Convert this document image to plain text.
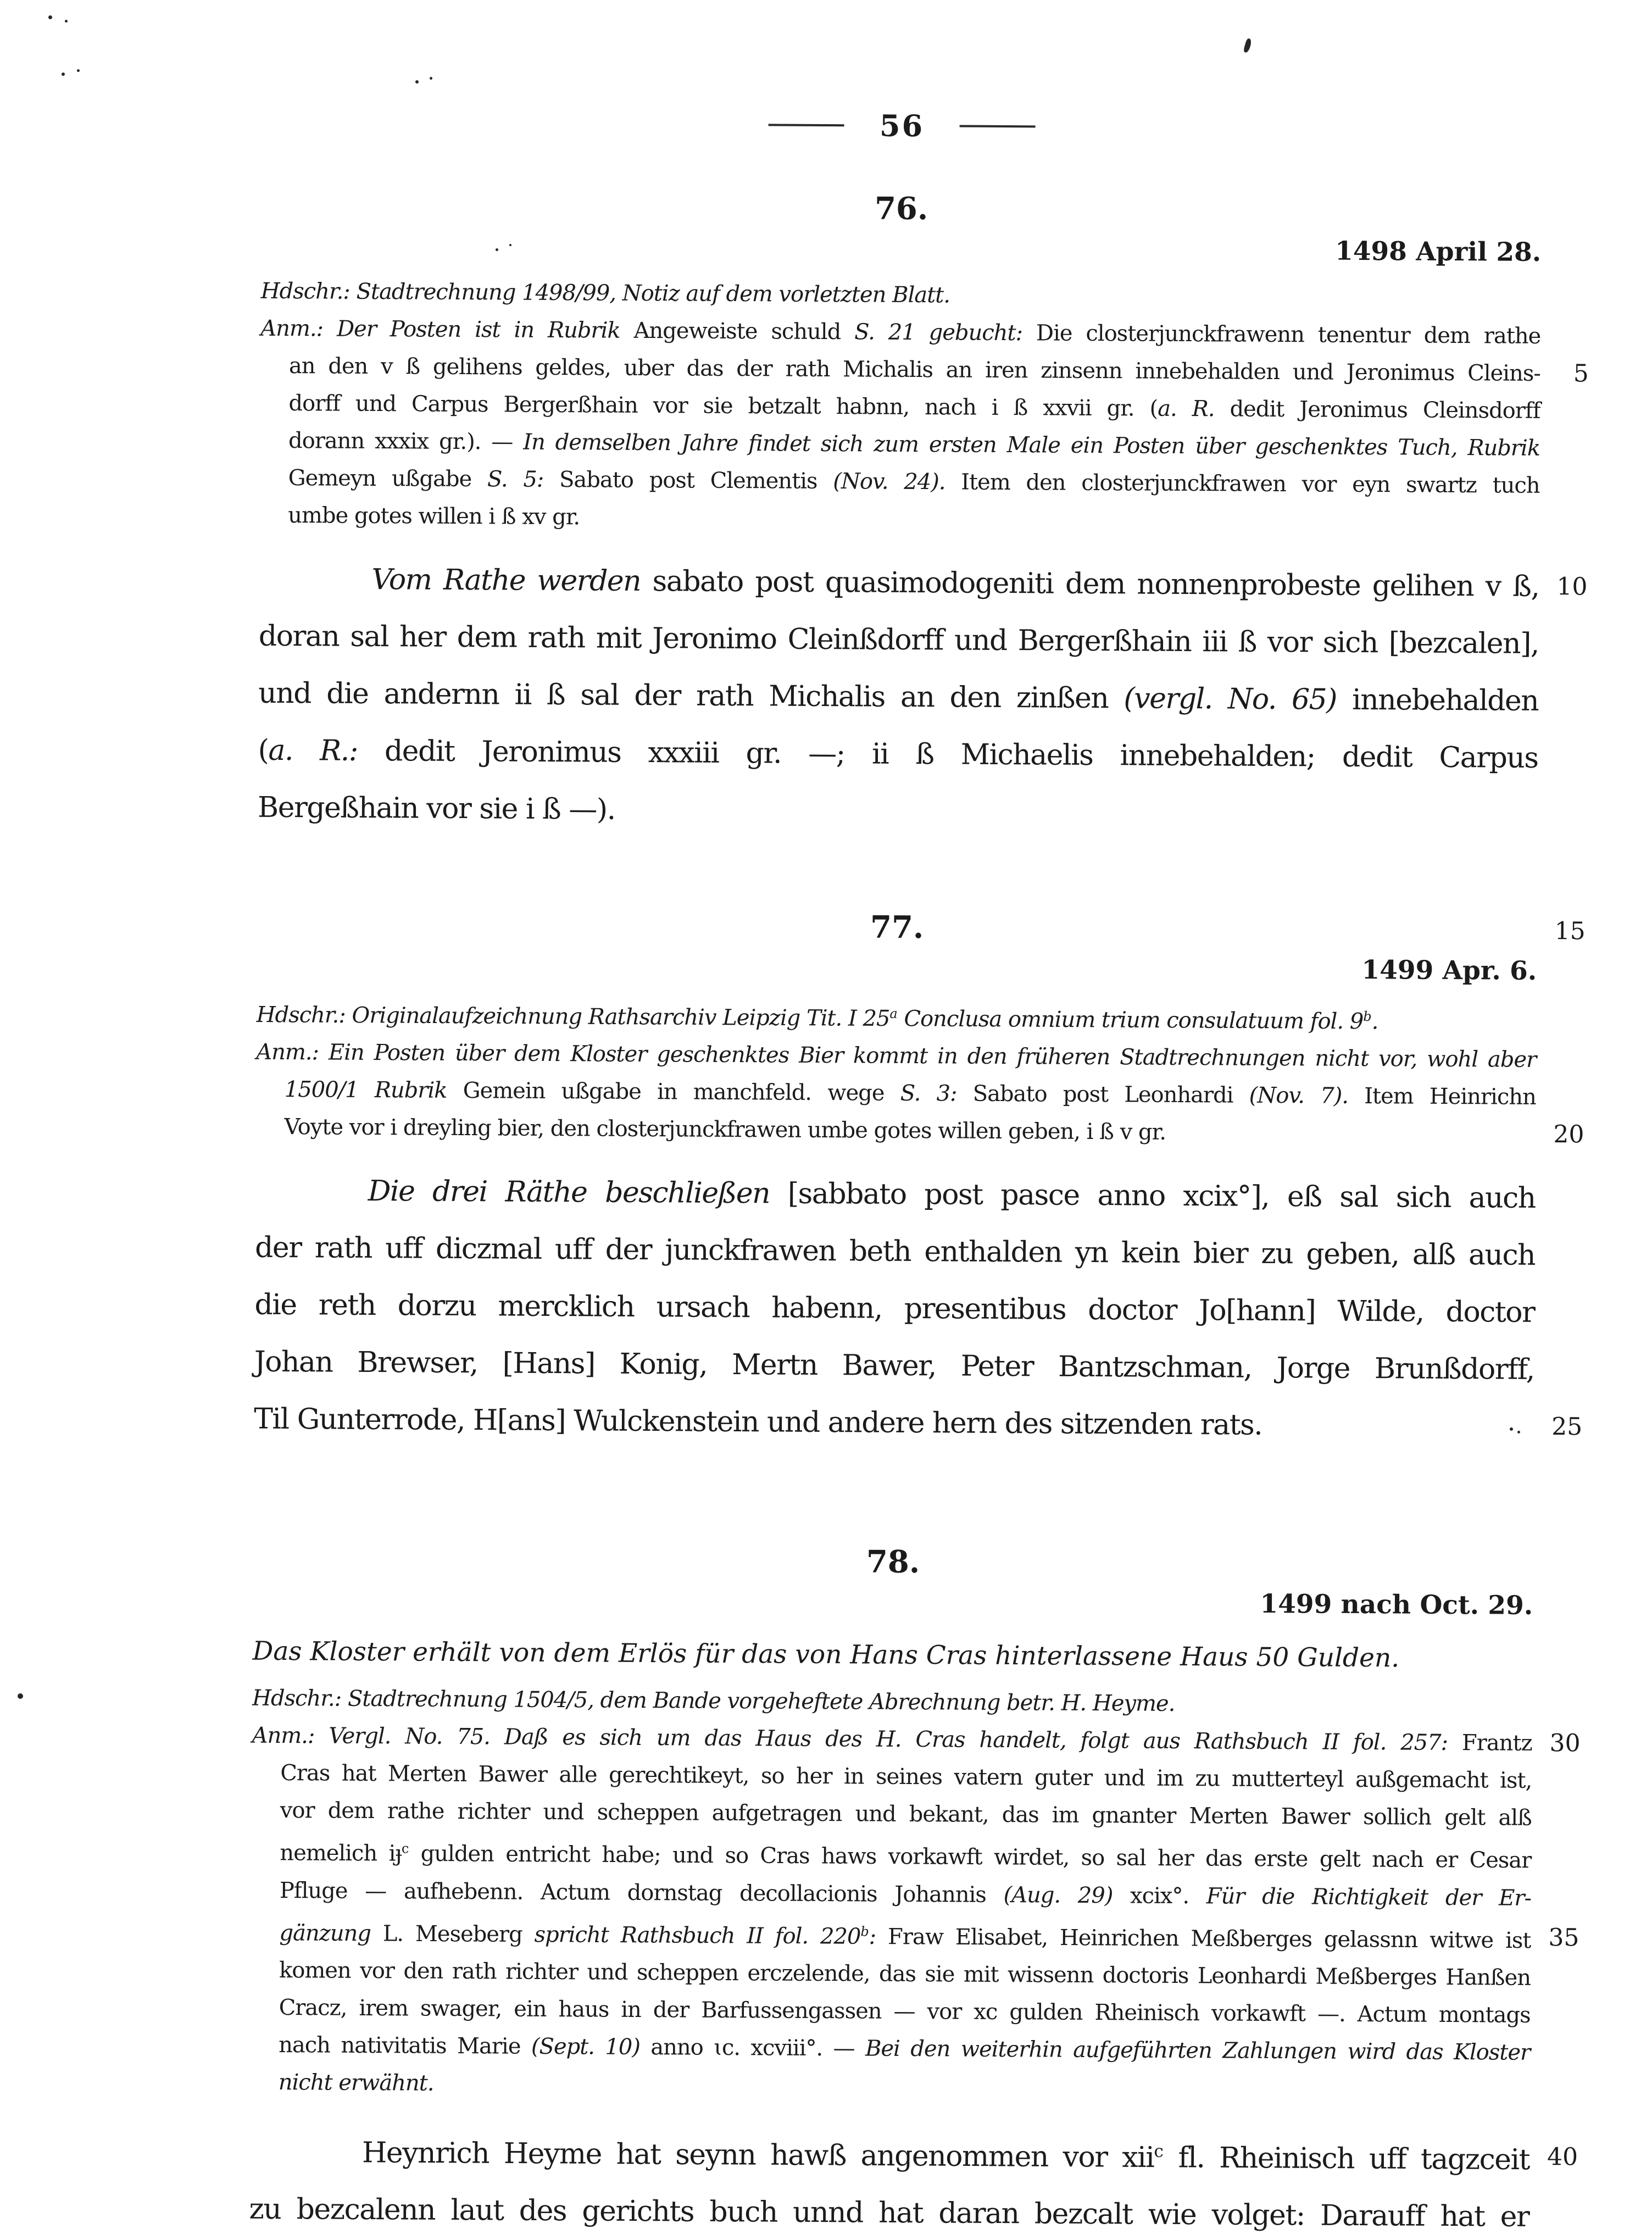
56
76.
1498 April 28.
Hdschr.: Stadtrechnung 1498/99, Notiz auf dem vorletzten Blatt.
Anm.: Der Posten ist in Rubrik Angeweiste schuld S. 21 gebucht: Die closterjunckfrawenn tenentur dem rathe
an den v ß gelihens geldes, uber das der rath Michalis an iren zinsenn innebehalden und Jeronimus Cleins- 5
dorff und Carpus Bergerßhain vor sie betzalt habnn, nach i ß xxvii gr. (a. R. dedit Jeronimus Cleinsdorff
dorann xxxix gr.). — In demselben Jahre findet sich zum ersten Male ein Posten über geschenktes Tuch, Rubrik
Gemeyn ußgabe S. 5: Sabato post Clementis (Nov. 24). Item den closterjunckfrawen vor eyn swartz tuch
umbe gotes willen i ß xv gr.
Vom Rathe werden sabato post quasimodogeniti dem nonnenprobeste gelihen v ß, 10
doran sal her dem rath mit Jeronimo Cleinßdorff und Bergerßhain iii ß vor sich [bezcalen],
und die andernn ii ß sal der rath Michalis an den zinßen (vergl. No. 65) innebehalden
(a. R.: dedit Jeronimus xxxiii gr. —; ii ß Michaelis innebehalden; dedit Carpus
Bergeßhain vor sie i ß —).
77.	15
1499 Apr. 6.
Hdschr.: Originalaufzeichnung Rathsarchiv Leipzig Tit. I 25$^a$ Conclusa omnium trium consulatuum fol. 9$^b$.
Anm.: Ein Posten über dem Kloster geschenktes Bier kommt in den früheren Stadtrechnungen nicht vor, wohl aber
1500/1 Rubrik Gemein ußgabe in manchfeld. wege S. 3: Sabato post Leonhardi (Nov. 7). Item Heinrichn
Voyte vor i dreyling bier, den closterjunckfrawen umbe gotes willen geben, i ß v gr.	20
Die drei Räthe beschließen [sabbato post pasce anno xcix°], eß sal sich auch
der rath uff diczmal uff der junckfrawen beth enthalden yn kein bier zu geben, alß auch
die reth dorzu mercklich ursach habenn, presentibus doctor Jo[hann] Wilde, doctor
Johan Brewser, [Hans] Konig, Mertn Bawer, Peter Bantzschman, Jorge Brunßdorff,
Til Gunterrode, H[ans] Wulckenstein und andere hern des sitzenden rats.	25
78.
1499 nach Oct. 29.
Das Kloster erhält von dem Erlös für das von Hans Cras hinterlassene Haus 50 Gulden.
Hdschr.: Stadtrechnung 1504/5, dem Bande vorgeheftete Abrechnung betr. H. Heyme.
Anm.: Vergl. No. 75. Daß es sich um das Haus des H. Cras handelt, folgt aus Rathsbuch II fol. 257: Frantz 30
Cras hat Merten Bawer alle gerechtikeyt, so her in seines vatern guter und im zu mutterteyl außgemacht ist,
vor dem rathe richter und scheppen aufgetragen und bekant, das im gnanter Merten Bawer sollich gelt alß
nemelich iɟ$^c$ gulden entricht habe; und so Cras haws vorkawft wirdet, so sal her das erste gelt nach er Cesar
Pfluge — aufhebenn. Actum dornstag decollacionis Johannis (Aug. 29) xcix°. Für die Richtigkeit der Er-
gänzung L. Meseberg spricht Rathsbuch II fol. 220$^b$: Fraw Elisabet, Heinrichen Meßberges gelassnn witwe ist 35
komen vor den rath richter und scheppen erczelende, das sie mit wissenn doctoris Leonhardi Meßberges Hanßen
Cracz, irem swager, ein haus in der Barfussengassen — vor xc gulden Rheinisch vorkawft —. Actum montags
nach nativitatis Marie (Sept. 10) anno ɩc. xcviii°. — Bei den weiterhin aufgeführten Zahlungen wird das Kloster
nicht erwähnt.
Heynrich Heyme hat seynn hawß angenommen vor xii$^c$ fl. Rheinisch uff tagzceit 40
zu bezcalenn laut des gerichts buch unnd hat daran bezcalt wie volget: Darauff hat er
